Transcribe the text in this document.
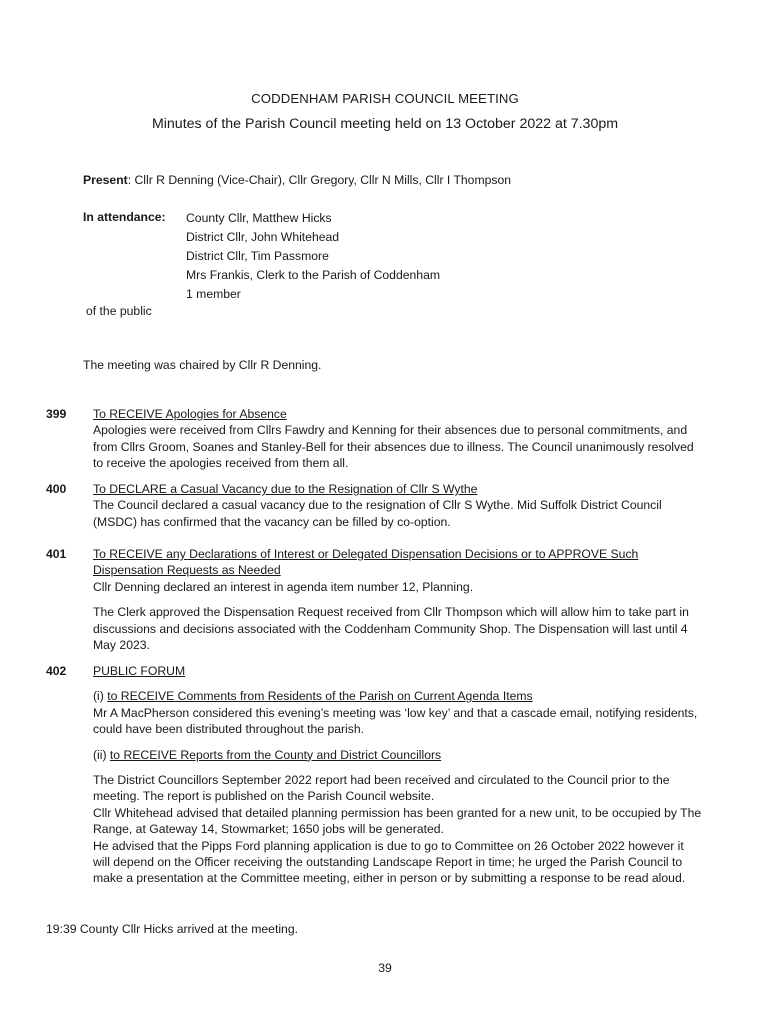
CODDENHAM PARISH COUNCIL MEETING
Minutes of the Parish Council meeting held on 13 October 2022 at 7.30pm
Present: Cllr R Denning (Vice-Chair), Cllr Gregory, Cllr N Mills, Cllr I Thompson
In attendance: County Cllr, Matthew Hicks
District Cllr, John Whitehead
District Cllr, Tim Passmore
Mrs Frankis, Clerk to the Parish of Coddenham
1 member
of the public
The meeting was chaired by Cllr R Denning.
399 To RECEIVE Apologies for Absence

Apologies were received from Cllrs Fawdry and Kenning for their absences due to personal commitments, and from Cllrs Groom, Soanes and Stanley-Bell for their absences due to illness. The Council unanimously resolved to receive the apologies received from them all.

400 To DECLARE a Casual Vacancy due to the Resignation of Cllr S Wythe

The Council declared a casual vacancy due to the resignation of Cllr S Wythe. Mid Suffolk District Council (MSDC) has confirmed that the vacancy can be filled by co-option.

401 To RECEIVE any Declarations of Interest or Delegated Dispensation Decisions or to APPROVE Such Dispensation Requests as Needed

Cllr Denning declared an interest in agenda item number 12, Planning.

The Clerk approved the Dispensation Request received from Cllr Thompson which will allow him to take part in discussions and decisions associated with the Coddenham Community Shop. The Dispensation will last until 4 May 2023.

402 PUBLIC FORUM

(i) to RECEIVE Comments from Residents of the Parish on Current Agenda Items

Mr A MacPherson considered this evening’s meeting was ‘low key’ and that a cascade email, notifying residents, could have been distributed throughout the parish.

(ii) to RECEIVE Reports from the County and District Councillors

The District Councillors September 2022 report had been received and circulated to the Council prior to the meeting. The report is published on the Parish Council website.

Cllr Whitehead advised that detailed planning permission has been granted for a new unit, to be occupied by The Range, at Gateway 14, Stowmarket; 1650 jobs will be generated.

He advised that the Pipps Ford planning application is due to go to Committee on 26 October 2022 however it will depend on the Officer receiving the outstanding Landscape Report in time; he urged the Parish Council to make a presentation at the Committee meeting, either in person or by submitting a response to be read aloud.

19:39 County Cllr Hicks arrived at the meeting.
39
